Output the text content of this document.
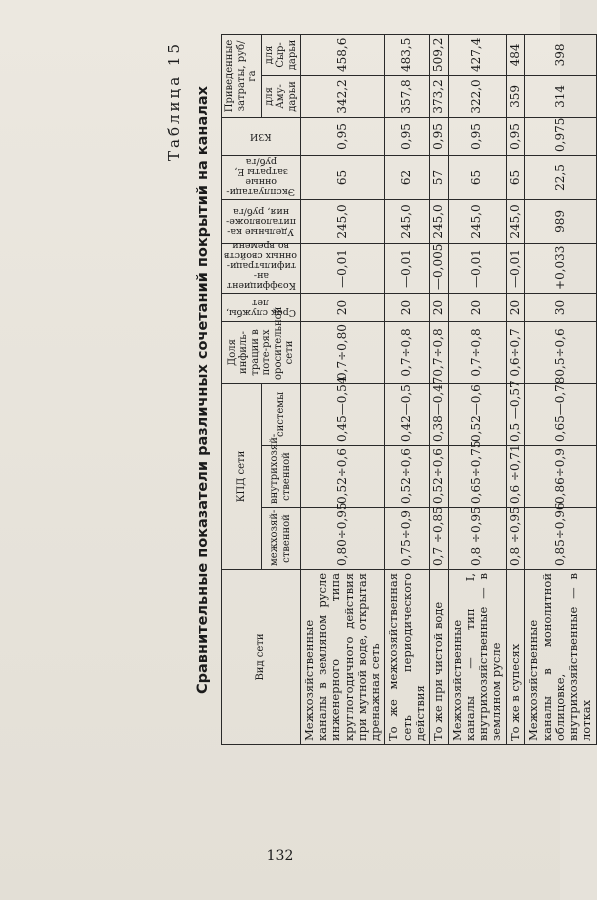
Таблица 15 Сравнительные показатели различных сочетаний покрытий на каналах	Вид сети	КПД сети			Доля инфиль-трации в поте-рях оросительной сети	Срок службы, лет	Коэффициент ан-тифильтраци-онных свойств во времени	Удельные ка-питаловложе-ния, руб/га	Эксплуатаци-онные затраты E, руб/га	КЗИ	Приведенные затраты, руб/га	
	межхозяй-ственной	внутрихозяй-ственной	системы							для Аму-дарьи	для Сыр-дарьи
Межхозяйственные каналы в земляном русле инженерного типа круглогодичного действия при мутной воде, открытая дренажная сеть	0,80÷0,95	0,52÷0,6	0,45—0,54	0,7÷0,80	20	—0,01	245,0	65	0,95	342,2	458,6
То же межхозяйственная сеть периодического действия	0,75÷0,9	0,52÷0,6	0,42—0,5	0,7÷0,8	20	—0,01	245,0	62	0,95	357,8	483,5
То же при чистой воде	0,7 ÷0,85	0,52÷0,6	0,38—0,47	0,7÷0,8	20	—0,005	245,0	57	0,95	373,2	509,2
Межхозяйственные каналы — тип I, внутрихозяйственные — в земляном русле	0,8 ÷0,95	0,65÷0,75	0,52—0,6	0,7÷0,8	20	—0,01	245,0	65	0,95	322,0	427,4
То же в супесях	0,8 ÷0,95	0,6 ÷0,71	0,5 —0,57	0,6÷0,7	20	—0,01	245,0	65	0,95	359	484
Межхозяйственные каналы в монолитной облицовке, внутрихозяйственные — в лотках	0,85÷0,96	0,86÷0,9	0,65—0,78	0,5÷0,6	30	+0,033	989	22,5	0,975	314	398
132
